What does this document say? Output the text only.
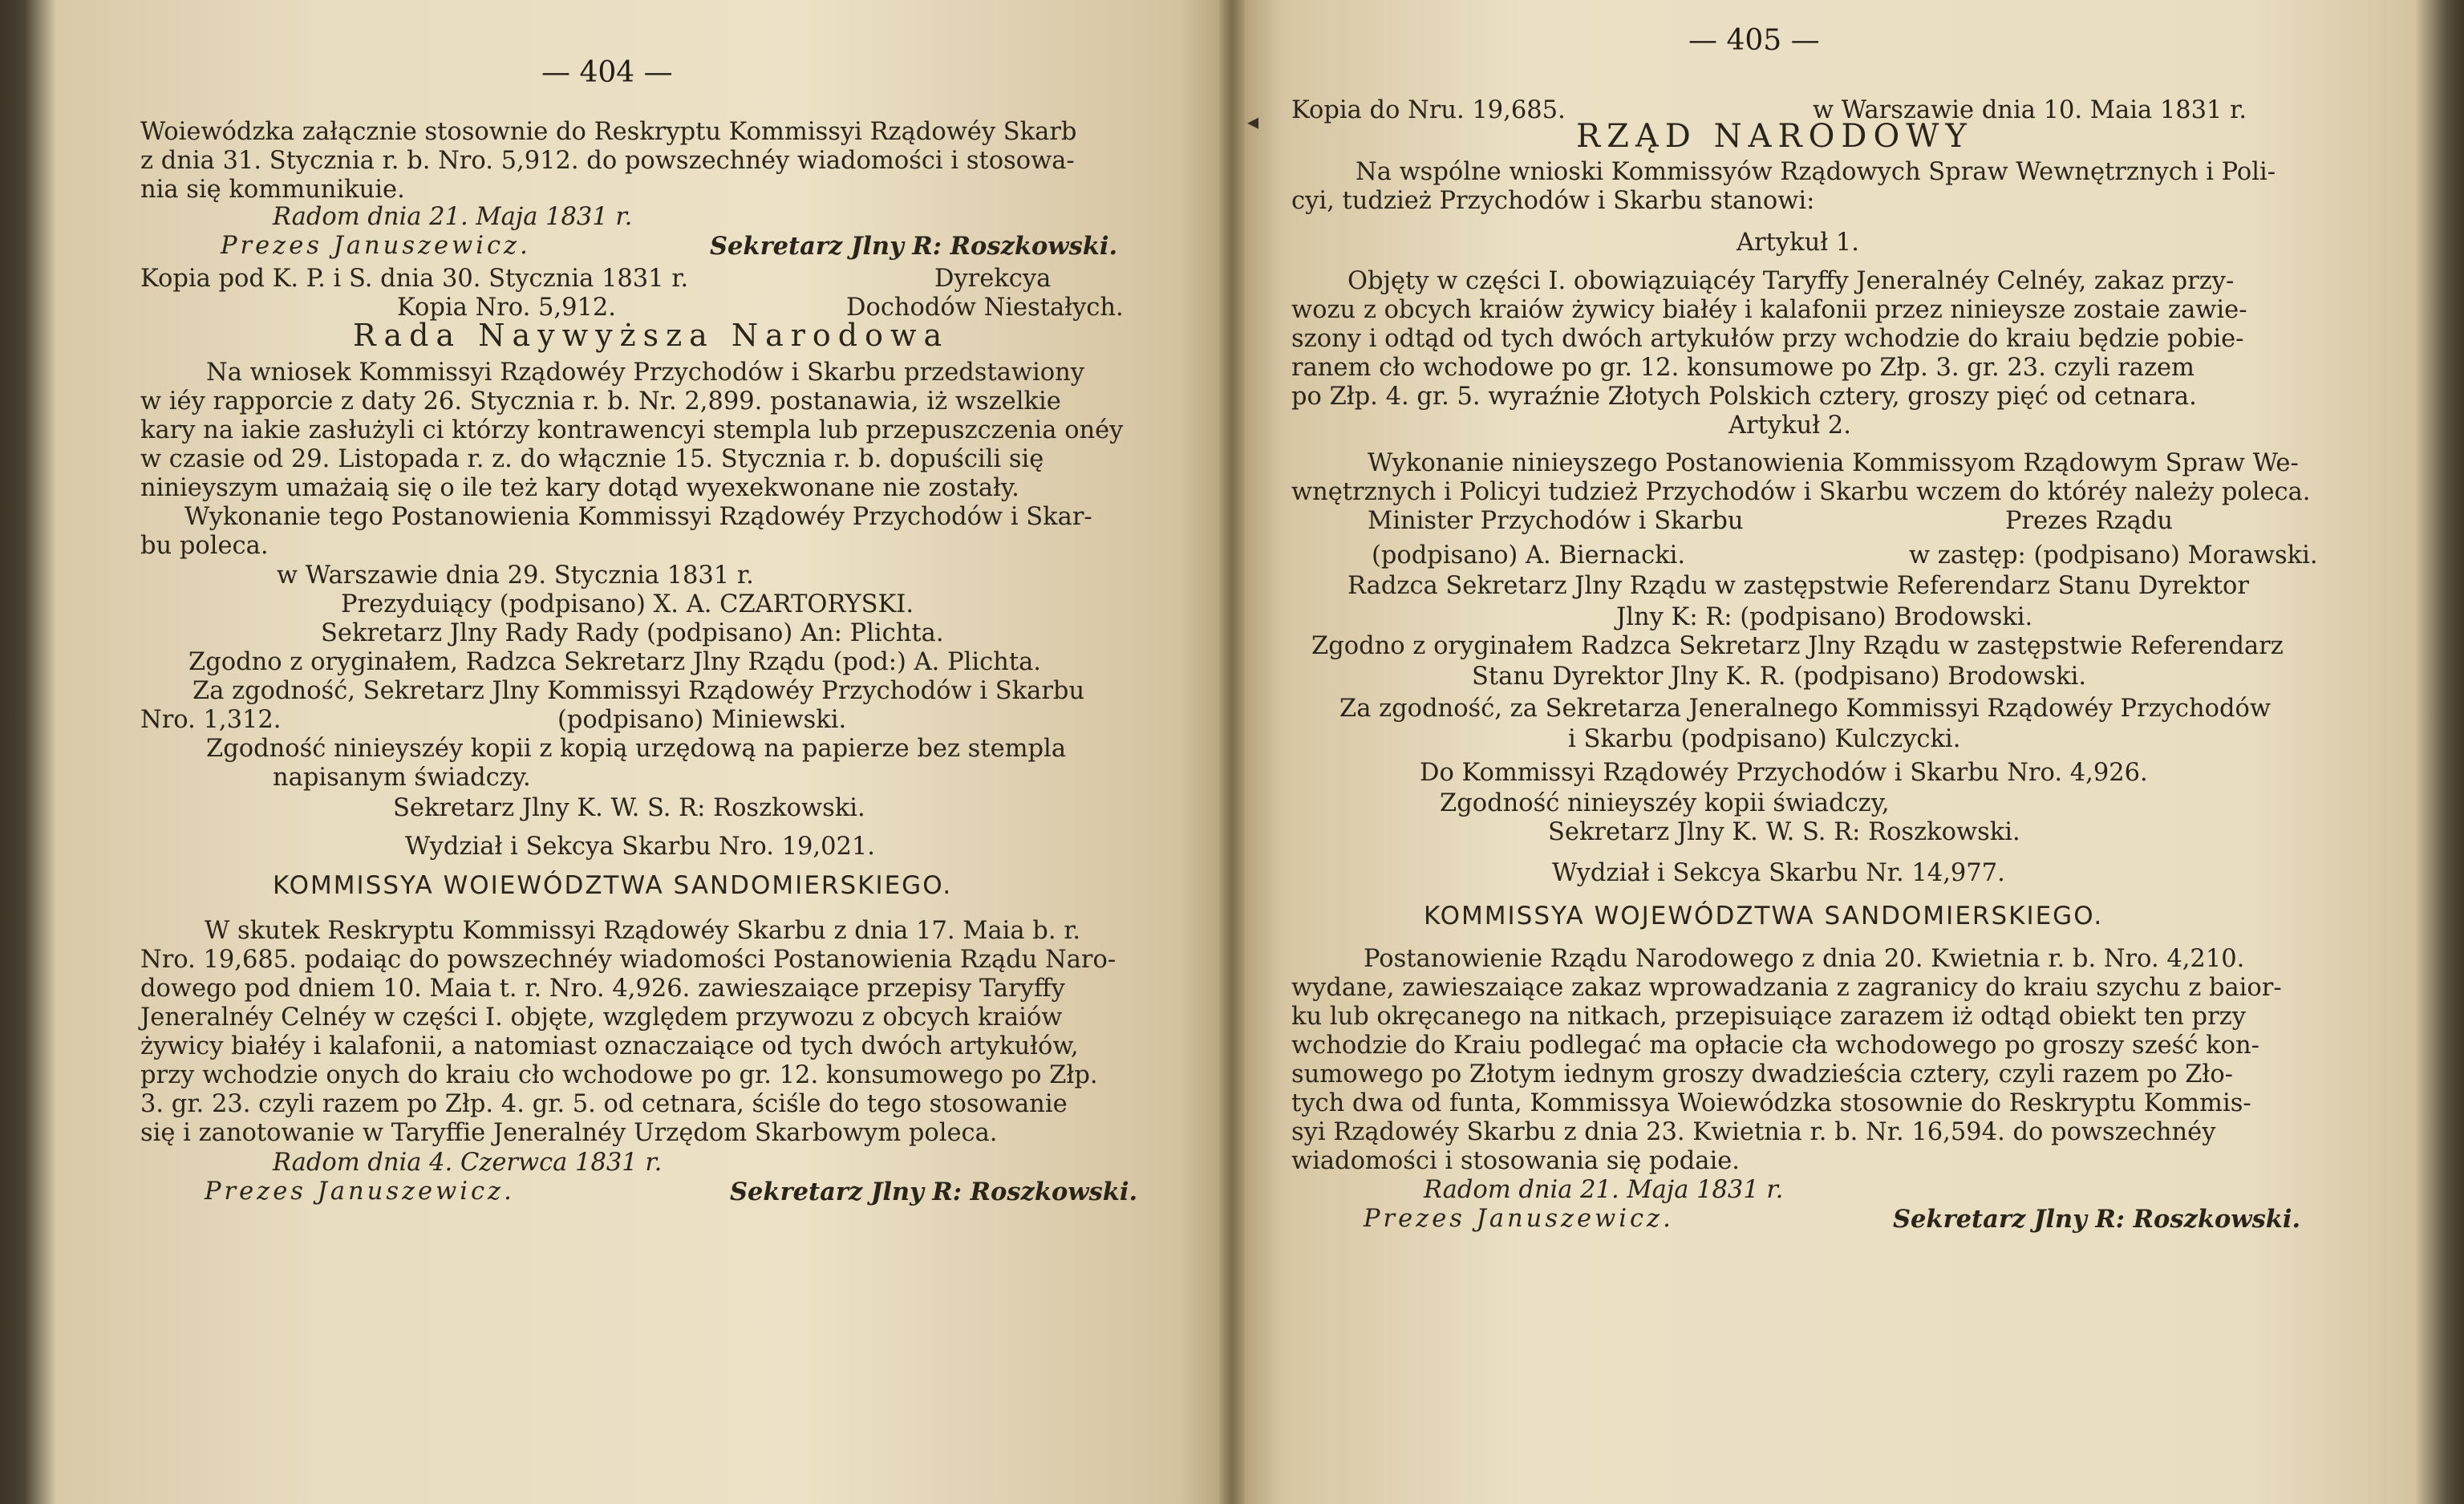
— 404 —
Woiewódzka załącznie stosownie do Reskryptu Kommissyi Rządowéy Skarb
z dnia 31. Stycznia r. b. Nro. 5,912. do powszechnéy wiadomości i stosowa-
nia się kommunikuie.
Radom dnia 21. Maja 1831 r.
Prezes Januszewicz.	Sekretarz Jlny R: Roszkowski.
Kopia pod K. P. i S. dnia 30. Stycznia 1831 r.	Dyrekcya
Kopia Nro. 5,912.	Dochodów Niestałych.
Rada Naywyższa Narodowa
Na wniosek Kommissyi Rządowéy Przychodów i Skarbu przedstawiony
w iéy rapporcie z daty 26. Stycznia r. b. Nr. 2,899. postanawia, iż wszelkie
kary na iakie zasłużyli ci którzy kontrawencyi stempla lub przepuszczenia onéy
w czasie od 29. Listopada r. z. do włącznie 15. Stycznia r. b. dopuścili się
ninieyszym umażaią się o ile też kary dotąd wyexekwonane nie zostały.
Wykonanie tego Postanowienia Kommissyi Rządowéy Przychodów i Skar-
bu poleca.
w Warszawie dnia 29. Stycznia 1831 r.
Prezyduiący (podpisano) X. A. CZARTORYSKI.
Sekretarz Jlny Rady Rady (podpisano) An: Plichta.
Zgodno z oryginałem, Radzca Sekretarz Jlny Rządu (pod:) A. Plichta.
Za zgodność, Sekretarz Jlny Kommissyi Rządowéy Przychodów i Skarbu
Nro. 1,312.	(podpisano) Miniewski.
Zgodność ninieyszéy kopii z kopią urzędową na papierze bez stempla
napisanym świadczy.
Sekretarz Jlny K. W. S. R: Roszkowski.
Wydział i Sekcya Skarbu Nro. 19,021.
KOMMISSYA WOIEWÓDZTWA SANDOMIERSKIEGO.
W skutek Reskryptu Kommissyi Rządowéy Skarbu z dnia 17. Maia b. r.
Nro. 19,685. podaiąc do powszechnéy wiadomości Postanowienia Rządu Naro-
dowego pod dniem 10. Maia t. r. Nro. 4,926. zawieszaiące przepisy Taryffy
Jeneralnéy Celnéy w części I. objęte, względem przywozu z obcych kraiów
żywicy białéy i kalafonii, a natomiast oznaczaiące od tych dwóch artykułów,
przy wchodzie onych do kraiu cło wchodowe po gr. 12. konsumowego po Złp.
3. gr. 23. czyli razem po Złp. 4. gr. 5. od cetnara, ściśle do tego stosowanie
się i zanotowanie w Taryffie Jeneralnéy Urzędom Skarbowym poleca.
Radom dnia 4. Czerwca 1831 r.
Prezes Januszewicz.	Sekretarz Jlny R: Roszkowski.
— 405 —
◂ Kopia do Nru. 19,685.	w Warszawie dnia 10. Maia 1831 r.
RZĄD NARODOWY
Na wspólne wnioski Kommissyów Rządowych Spraw Wewnętrznych i Poli-
cyi, tudzież Przychodów i Skarbu stanowi:
Artykuł 1.
Objęty w części I. obowiązuiącéy Taryffy Jeneralnéy Celnéy, zakaz przy-
wozu z obcych kraiów żywicy białéy i kalafonii przez ninieysze zostaie zawie-
szony i odtąd od tych dwóch artykułów przy wchodzie do kraiu będzie pobie-
ranem cło wchodowe po gr. 12. konsumowe po Złp. 3. gr. 23. czyli razem
po Złp. 4. gr. 5. wyraźnie Złotych Polskich cztery, groszy pięć od cetnara.
Artykuł 2.
Wykonanie ninieyszego Postanowienia Kommissyom Rządowym Spraw We-
wnętrznych i Policyi tudzież Przychodów i Skarbu wczem do któréy należy poleca.
Minister Przychodów i Skarbu	Prezes Rządu
(podpisano) A. Biernacki.	w zastęp: (podpisano) Morawski.
Radzca Sekretarz Jlny Rządu w zastępstwie Referendarz Stanu Dyrektor
Jlny K: R: (podpisano) Brodowski.
Zgodno z oryginałem Radzca Sekretarz Jlny Rządu w zastępstwie Referendarz
Stanu Dyrektor Jlny K. R. (podpisano) Brodowski.
Za zgodność, za Sekretarza Jeneralnego Kommissyi Rządowéy Przychodów
i Skarbu (podpisano) Kulczycki.
Do Kommissyi Rządowéy Przychodów i Skarbu Nro. 4,926.
Zgodność ninieyszéy kopii świadczy,
Sekretarz Jlny K. W. S. R: Roszkowski.
Wydział i Sekcya Skarbu Nr. 14,977.
KOMMISSYA WOJEWÓDZTWA SANDOMIERSKIEGO.
Postanowienie Rządu Narodowego z dnia 20. Kwietnia r. b. Nro. 4,210.
wydane, zawieszaiące zakaz wprowadzania z zagranicy do kraiu szychu z baior-
ku lub okręcanego na nitkach, przepisuiące zarazem iż odtąd obiekt ten przy
wchodzie do Kraiu podlegać ma opłacie cła wchodowego po groszy sześć kon-
sumowego po Złotym iednym groszy dwadzieścia cztery, czyli razem po Zło-
tych dwa od funta, Kommissya Woiewódzka stosownie do Reskryptu Kommis-
syi Rządowéy Skarbu z dnia 23. Kwietnia r. b. Nr. 16,594. do powszechnéy
wiadomości i stosowania się podaie.
Radom dnia 21. Maja 1831 r.
Prezes Januszewicz.	Sekretarz Jlny R: Roszkowski.
